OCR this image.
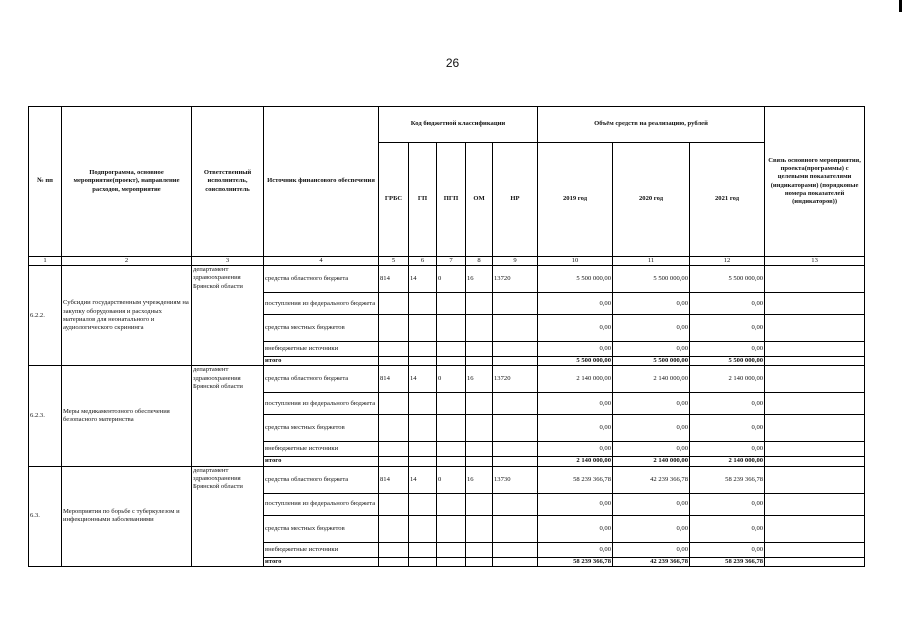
26
№ пп	Подпрограмма, основное мероприятие(проект), направление расходов, мероприятие	Ответственный исполнитель, соисполнитель	Источник финансового обеспечения	Код бюджетной классификации					Объём средств на реализацию, рублей			Связь основного мероприятия, проекта(программы) с целевыми показателями (индикаторами) (порядковые номера показателей (индикаторов))
				ГРБС	ГП	ПГП	ОМ	НР	2019 год	2020 год	2021 год	
1	2	3	4	5	6	7	8	9	10	11	12	13
6.2.2.	Субсидии государственным учреждениям на закупку оборудования и расходных материалов для неонатального и аудиологического скрининга	департамент здравоохранения Брянской области	средства областного бюджета	814	14	0	16	13720	5 500 000,00	5 500 000,00	5 500 000,00	
			поступления из федерального бюджета						0,00	0,00	0,00	
			средства местных бюджетов						0,00	0,00	0,00	
			внебюджетные источники						0,00	0,00	0,00	
			итого						5 500 000,00	5 500 000,00	5 500 000,00	
6.2.3.	Меры медикаментозного обеспечения безопасного материнства	департамент здравоохранения Брянской области	средства областного бюджета	814	14	0	16	13720	2 140 000,00	2 140 000,00	2 140 000,00	
			поступления из федерального бюджета						0,00	0,00	0,00	
			средства местных бюджетов						0,00	0,00	0,00	
			внебюджетные источники						0,00	0,00	0,00	
			итого						2 140 000,00	2 140 000,00	2 140 000,00	
6.3.	Мероприятия по борьбе с туберкулезом и инфекционными заболеваниями	департамент здравоохранения Брянской области	средства областного бюджета	814	14	0	16	13730	58 239 366,78	42 239 366,78	58 239 366,78	
			поступления из федерального бюджета						0,00	0,00	0,00	
			средства местных бюджетов						0,00	0,00	0,00	
			внебюджетные источники						0,00	0,00	0,00	
			итого						58 239 366,78	42 239 366,78	58 239 366,78	
